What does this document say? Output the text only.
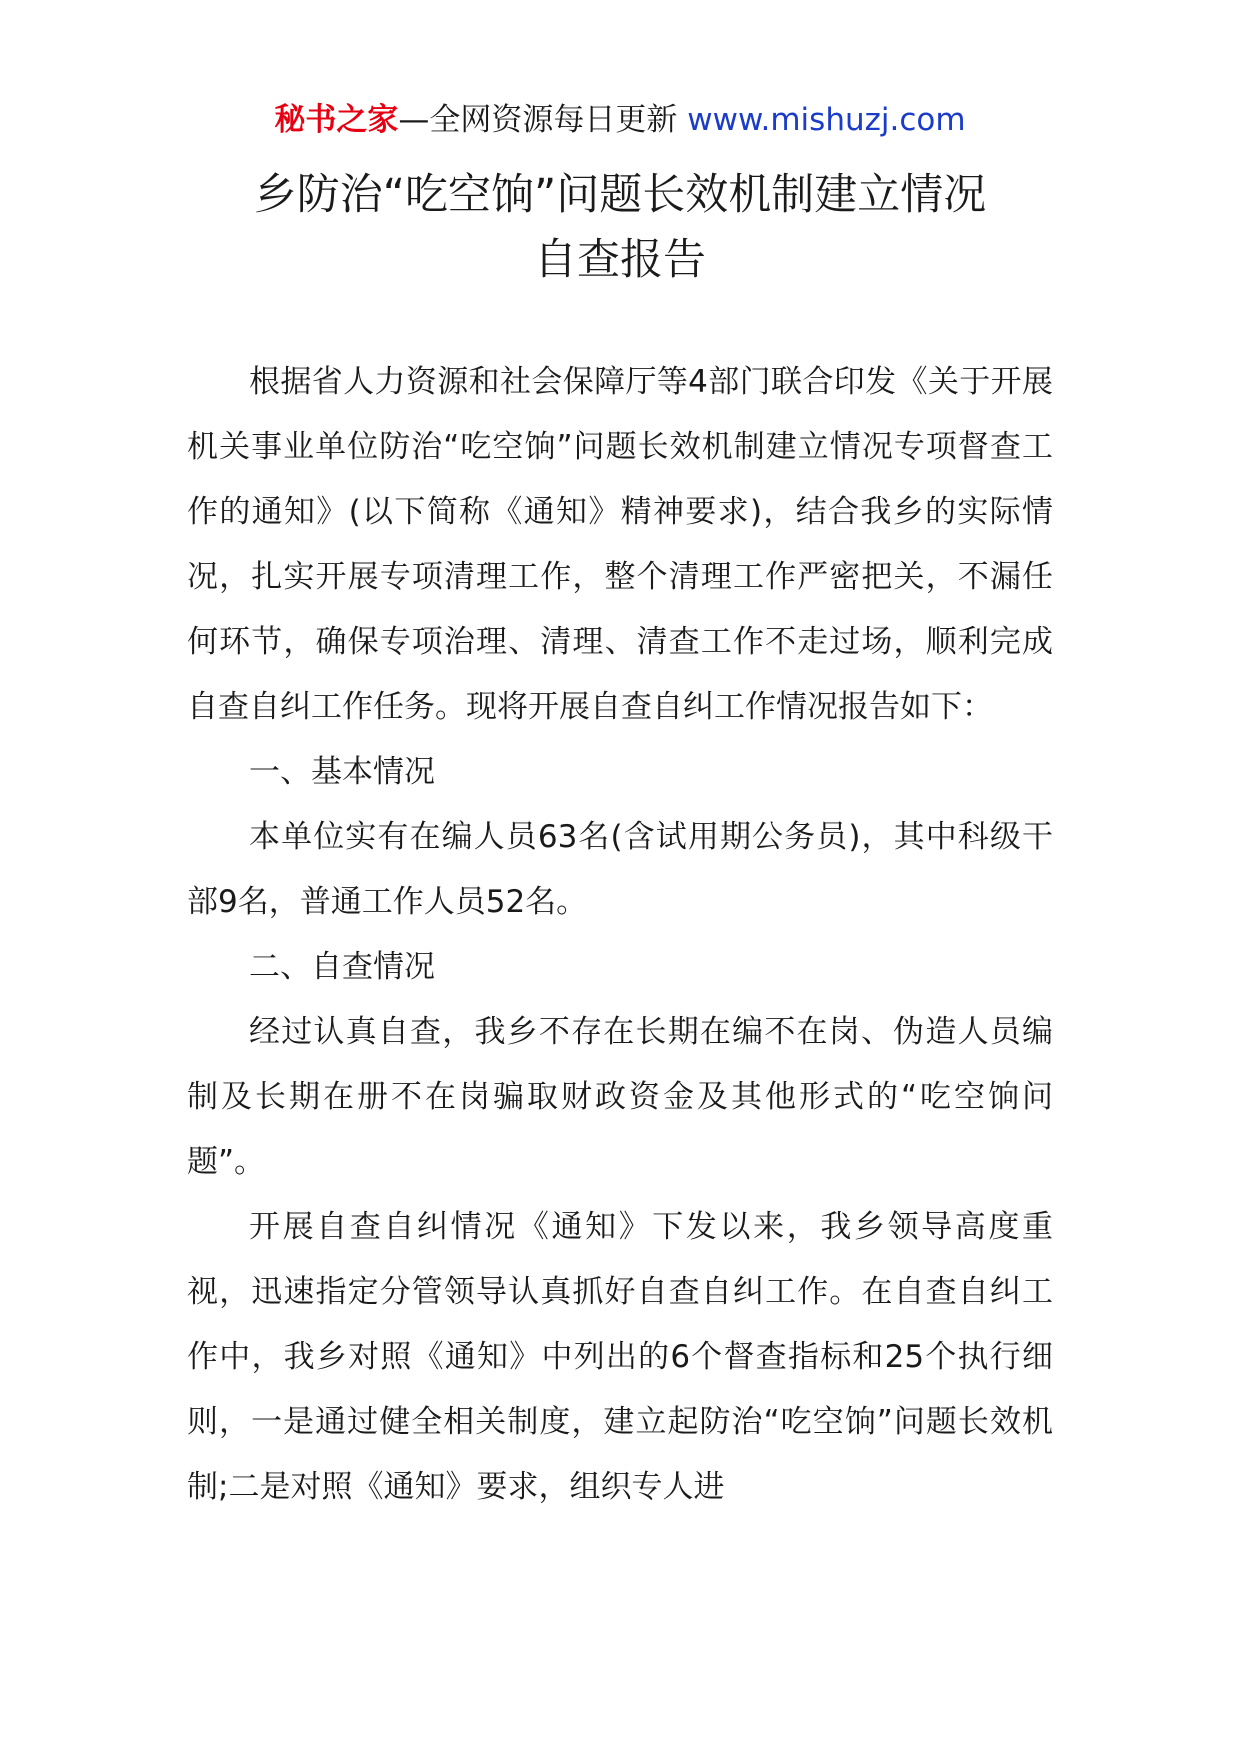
秘书之家—全网资源每日更新 www.mishuzj.com
乡防治“吃空饷”问题长效机制建立情况
自查报告

根据省人力资源和社会保障厅等4部门联合印发《关于开展机关事业单位防治“吃空饷”问题长效机制建立情况专项督查工作的通知》(以下简称《通知》精神要求)，结合我乡的实际情况，扎实开展专项清理工作，整个清理工作严密把关，不漏任何环节，确保专项治理、清理、清查工作不走过场，顺利完成自查自纠工作任务。现将开展自查自纠工作情况报告如下：

一、基本情况

本单位实有在编人员63名(含试用期公务员)，其中科级干部9名，普通工作人员52名。

二、自查情况

经过认真自查，我乡不存在长期在编不在岗、伪造人员编制及长期在册不在岗骗取财政资金及其他形式的“吃空饷问题”。

开展自查自纠情况《通知》下发以来，我乡领导高度重视，迅速指定分管领导认真抓好自查自纠工作。在自查自纠工作中，我乡对照《通知》中列出的6个督查指标和25个执行细则，一是通过健全相关制度，建立起防治“吃空饷”问题长效机制;二是对照《通知》要求，组织专人进
